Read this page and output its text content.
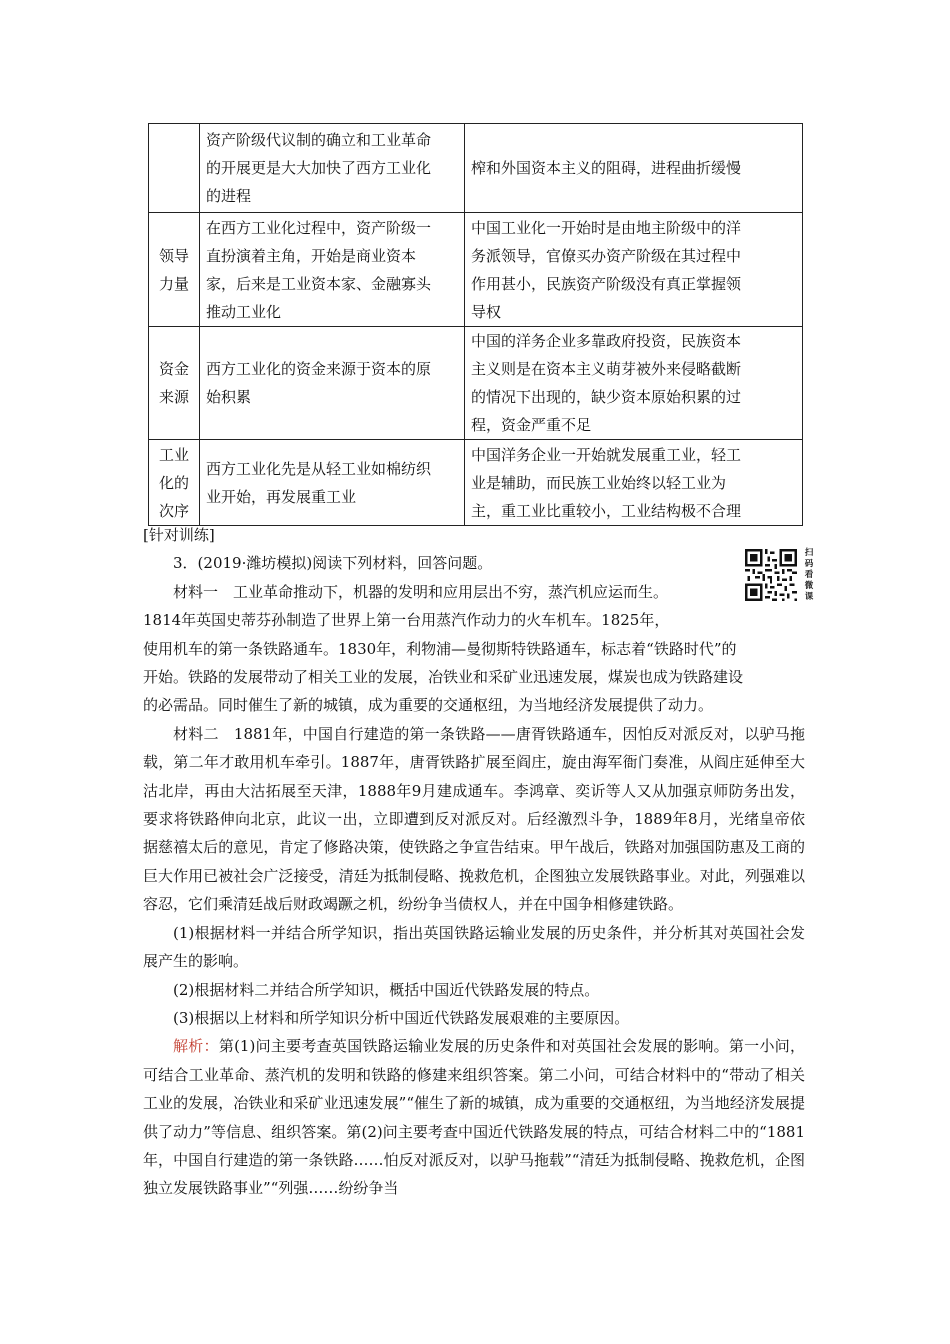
	资产阶级代议制的确立和工业革命
的开展更是大大加快了西方工业化
的进程	榨和外国资本主义的阻碍，进程曲折缓慢

领导
力量	在西方工业化过程中，资产阶级一
直扮演着主角，开始是商业资本
家，后来是工业资本家、金融寡头
推动工业化	中国工业化一开始时是由地主阶级中的洋
务派领导，官僚买办资产阶级在其过程中
作用甚小，民族资产阶级没有真正掌握领
导权

资金
来源	西方工业化的资金来源于资本的原
始积累	中国的洋务企业多靠政府投资，民族资本
主义则是在资本主义萌芽被外来侵略截断
的情况下出现的，缺少资本原始积累的过
程，资金严重不足

工业
化的
次序	西方工业化先是从轻工业如棉纺织
业开始，再发展重工业	中国洋务企业一开始就发展重工业，轻工
业是辅助，而民族工业始终以轻工业为
主，重工业比重较小，工业结构极不合理
扫
码
看
微
课

[针对训练]

3．(2019·潍坊模拟)阅读下列材料，回答问题。

材料一　工业革命推动下，机器的发明和应用层出不穷，蒸汽机应运而生。

1814年英国史蒂芬孙制造了世界上第一台用蒸汽作动力的火车机车。1825年，

使用机车的第一条铁路通车。1830年，利物浦—曼彻斯特铁路通车，标志着“铁路时代”的

开始。铁路的发展带动了相关工业的发展，冶铁业和采矿业迅速发展，煤炭也成为铁路建设

的必需品。同时催生了新的城镇，成为重要的交通枢纽，为当地经济发展提供了动力。

材料二　1881年，中国自行建造的第一条铁路——唐胥铁路通车，因怕反对派反对，以驴马拖载，第二年才敢用机车牵引。1887年，唐胥铁路扩展至阎庄，旋由海军衙门奏准，从阎庄延伸至大沽北岸，再由大沽拓展至天津，1888年9月建成通车。李鸿章、奕䜣等人又从加强京师防务出发，要求将铁路伸向北京，此议一出，立即遭到反对派反对。后经激烈斗争，1889年8月，光绪皇帝依据慈禧太后的意见，肯定了修路决策，使铁路之争宣告结束。甲午战后，铁路对加强国防惠及工商的巨大作用已被社会广泛接受，清廷为抵制侵略、挽救危机，企图独立发展铁路事业。对此，列强难以容忍，它们乘清廷战后财政竭蹶之机，纷纷争当债权人，并在中国争相修建铁路。

(1)根据材料一并结合所学知识，指出英国铁路运输业发展的历史条件，并分析其对英国社会发展产生的影响。

(2)根据材料二并结合所学知识，概括中国近代铁路发展的特点。

(3)根据以上材料和所学知识分析中国近代铁路发展艰难的主要原因。

解析：第(1)问主要考查英国铁路运输业发展的历史条件和对英国社会发展的影响。第一小问，可结合工业革命、蒸汽机的发明和铁路的修建来组织答案。第二小问，可结合材料中的“带动了相关工业的发展，冶铁业和采矿业迅速发展”“催生了新的城镇，成为重要的交通枢纽，为当地经济发展提供了动力”等信息、组织答案。第(2)问主要考查中国近代铁路发展的特点，可结合材料二中的“1881年，中国自行建造的第一条铁路……怕反对派反对，以驴马拖载”“清廷为抵制侵略、挽救危机，企图独立发展铁路事业”“列强……纷纷争当
